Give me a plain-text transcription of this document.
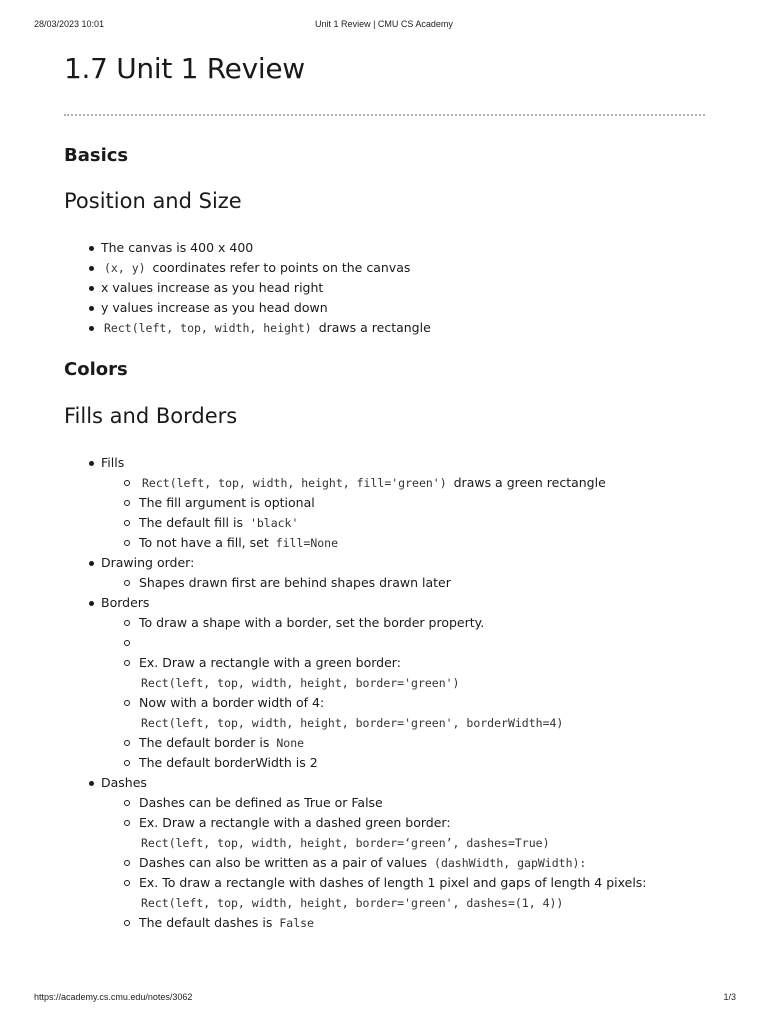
28/03/2023 10:01	Unit 1 Review | CMU CS Academy
1.7 Unit 1 Review
Basics
Position and Size
The canvas is 400 x 400
(x, y) coordinates refer to points on the canvas
x values increase as you head right
y values increase as you head down
Rect(left, top, width, height) draws a rectangle
Colors
Fills and Borders
Fills
Rect(left, top, width, height, fill='green') draws a green rectangle
The fill argument is optional
The default fill is 'black'
To not have a fill, set fill=None
Drawing order:
Shapes drawn first are behind shapes drawn later
Borders
To draw a shape with a border, set the border property.

Ex. Draw a rectangle with a green border:
Rect(left, top, width, height, border='green')
Now with a border width of 4:
Rect(left, top, width, height, border='green', borderWidth=4)
The default border is None
The default borderWidth is 2
Dashes
Dashes can be defined as True or False
Ex. Draw a rectangle with a dashed green border:
Rect(left, top, width, height, border=‘green’, dashes=True)
Dashes can also be written as a pair of values (dashWidth, gapWidth):
Ex. To draw a rectangle with dashes of length 1 pixel and gaps of length 4 pixels:
Rect(left, top, width, height, border='green', dashes=(1, 4))
The default dashes is False
https://academy.cs.cmu.edu/notes/3062	1/3
